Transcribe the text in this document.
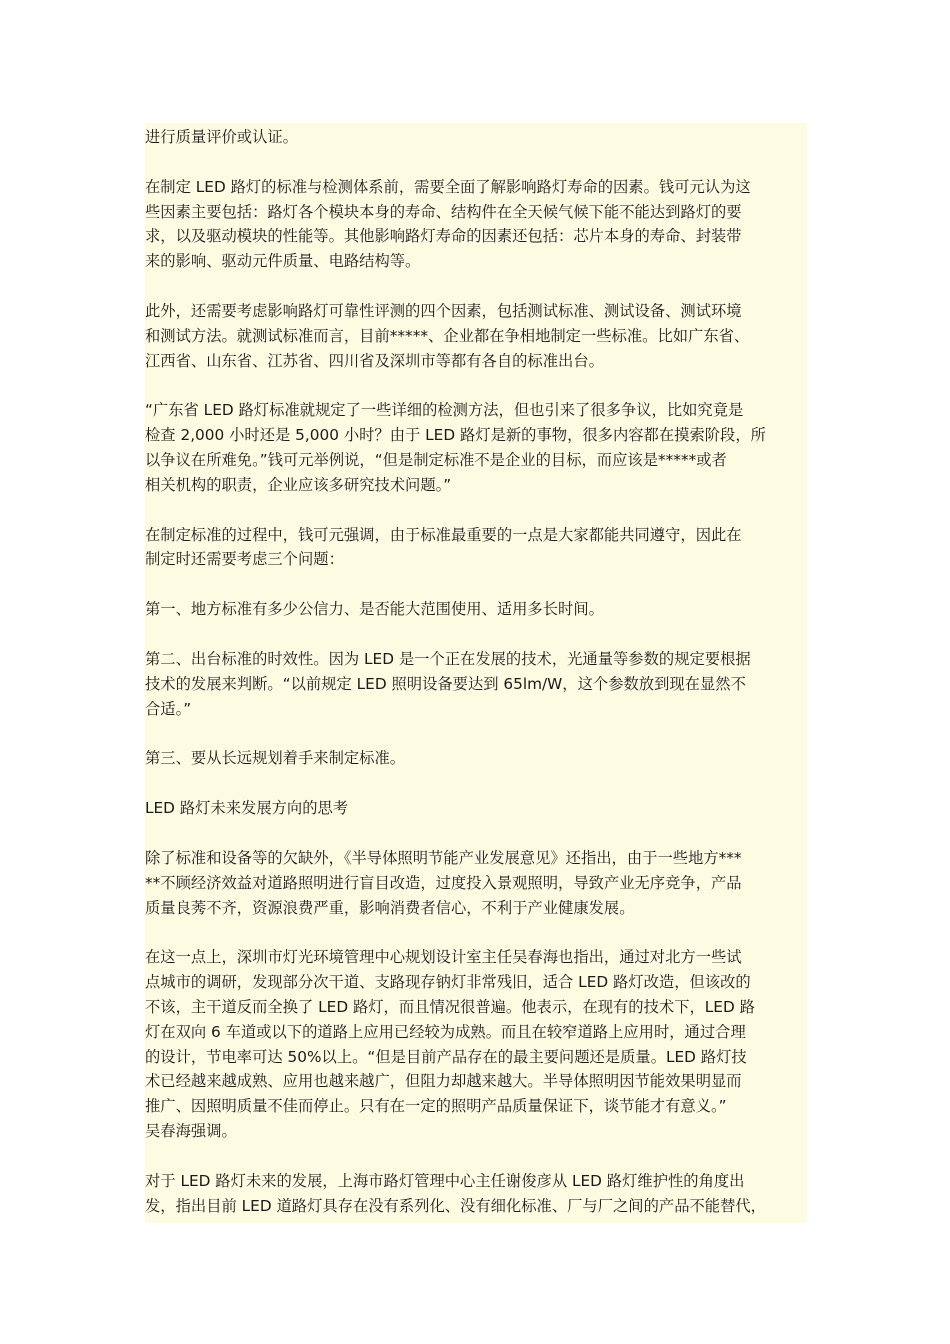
进行质量评价或认证。

在制定 LED 路灯的标准与检测体系前，需要全面了解影响路灯寿命的因素。钱可元认为这
些因素主要包括：路灯各个模块本身的寿命、结构件在全天候气候下能不能达到路灯的要
求，以及驱动模块的性能等。其他影响路灯寿命的因素还包括：芯片本身的寿命、封装带
来的影响、驱动元件质量、电路结构等。

此外，还需要考虑影响路灯可靠性评测的四个因素，包括测试标准、测试设备、测试环境
和测试方法。就测试标准而言，目前*****、企业都在争相地制定一些标准。比如广东省、
江西省、山东省、江苏省、四川省及深圳市等都有各自的标准出台。

“广东省 LED 路灯标准就规定了一些详细的检测方法，但也引来了很多争议，比如究竟是
检查 2,000 小时还是 5,000 小时？由于 LED 路灯是新的事物，很多内容都在摸索阶段，所
以争议在所难免。”钱可元举例说，“但是制定标准不是企业的目标，而应该是*****或者
相关机构的职责，企业应该多研究技术问题。”

在制定标准的过程中，钱可元强调，由于标准最重要的一点是大家都能共同遵守，因此在
制定时还需要考虑三个问题：

第一、地方标准有多少公信力、是否能大范围使用、适用多长时间。

第二、出台标准的时效性。因为 LED 是一个正在发展的技术，光通量等参数的规定要根据
技术的发展来判断。“以前规定 LED 照明设备要达到 65lm/W，这个参数放到现在显然不
合适。”

第三、要从长远规划着手来制定标准。

LED 路灯未来发展方向的思考

除了标准和设备等的欠缺外，《半导体照明节能产业发展意见》还指出，由于一些地方***
**不顾经济效益对道路照明进行盲目改造，过度投入景观照明，导致产业无序竞争，产品
质量良莠不齐，资源浪费严重，影响消费者信心，不利于产业健康发展。

在这一点上，深圳市灯光环境管理中心规划设计室主任吴春海也指出，通过对北方一些试
点城市的调研，发现部分次干道、支路现存钠灯非常残旧，适合 LED 路灯改造，但该改的
不该，主干道反而全换了 LED 路灯，而且情况很普遍。他表示，在现有的技术下，LED 路
灯在双向 6 车道或以下的道路上应用已经较为成熟。而且在较窄道路上应用时，通过合理
的设计，节电率可达 50%以上。“但是目前产品存在的最主要问题还是质量。LED 路灯技
术已经越来越成熟、应用也越来越广，但阻力却越来越大。半导体照明因节能效果明显而
推广、因照明质量不佳而停止。只有在一定的照明产品质量保证下，谈节能才有意义。”
吴春海强调。

对于 LED 路灯未来的发展，上海市路灯管理中心主任谢俊彦从 LED 路灯维护性的角度出
发，指出目前 LED 道路灯具存在没有系列化、没有细化标准、厂与厂之间的产品不能替代，
